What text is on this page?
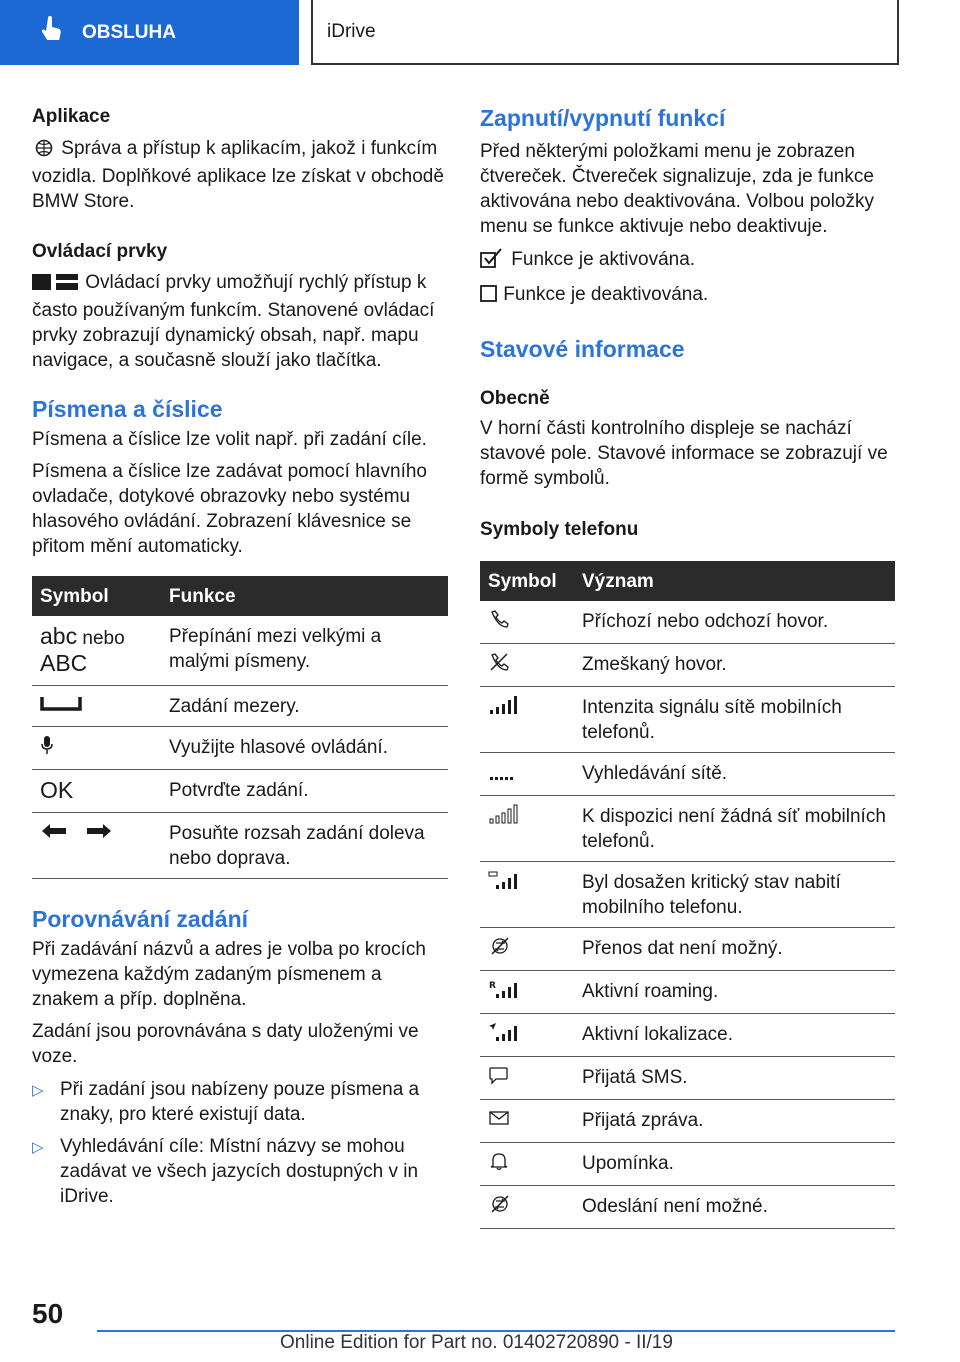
OBSLUHA	iDrive
Aplikace

Správa a přístup k aplikacím, jakož i funkcím vozidla. Doplňkové aplikace lze získat v obchodě BMW Store.

Ovládací prvky

Ovládací prvky umožňují rychlý přístup k často používaným funkcím. Stanovené ovládací prvky zobrazují dynamický obsah, např. mapu navigace, a současně slouží jako tlačítka.

Písmena a číslice

Písmena a číslice lze volit např. při zadání cíle.

Písmena a číslice lze zadávat pomocí hlavního ovladače, dotykové obrazovky nebo systému hlasového ovládání. Zobrazení klávesnice se přitom mění automaticky.

Symbol	Funkce
abc nebo
ABC	Přepínání mezi velkými a malými písmeny.
	Zadání mezery.
	Využijte hlasové ovládání.
OK	Potvrďte zadání.
	Posuňte rozsah zadání doleva nebo doprava.
Porovnávání zadání

Při zadávání názvů a adres je volba po krocích vymezena každým zadaným písmenem a znakem a příp. doplněna.

Zadání jsou porovnávána s daty uloženými ve voze.

▷ Při zadání jsou nabízeny pouze písmena a znaky, pro které existují data.
▷ Vyhledávání cíle: Místní názvy se mohou zadávat ve všech jazycích dostupných v in iDrive.
Zapnutí/vypnutí funkcí

Před některými položkami menu je zobrazen čtvereček. Čtvereček signalizuje, zda je funkce aktivována nebo deaktivována. Volbou položky menu se funkce aktivuje nebo deaktivuje.

Funkce je aktivována.

Funkce je deaktivována.

Stavové informace
Obecně

V horní části kontrolního displeje se nachází stavové pole. Stavové informace se zobrazují ve formě symbolů.

Symboly telefonu
Symbol	Význam
	Příchozí nebo odchozí hovor.
	Zmeškaný hovor.
	Intenzita signálu sítě mobilních telefonů.
	Vyhledávání sítě.
	K dispozici není žádná síť mobilních telefonů.
	Byl dosažen kritický stav nabití mobilního telefonu.
	Přenos dat není možný.

R	Aktivní roaming.
	Aktivní lokalizace.
	Přijatá SMS.
	Přijatá zpráva.
	Upomínka.
	Odeslání není možné.
50
Online Edition for Part no. 01402720890 - II/19
